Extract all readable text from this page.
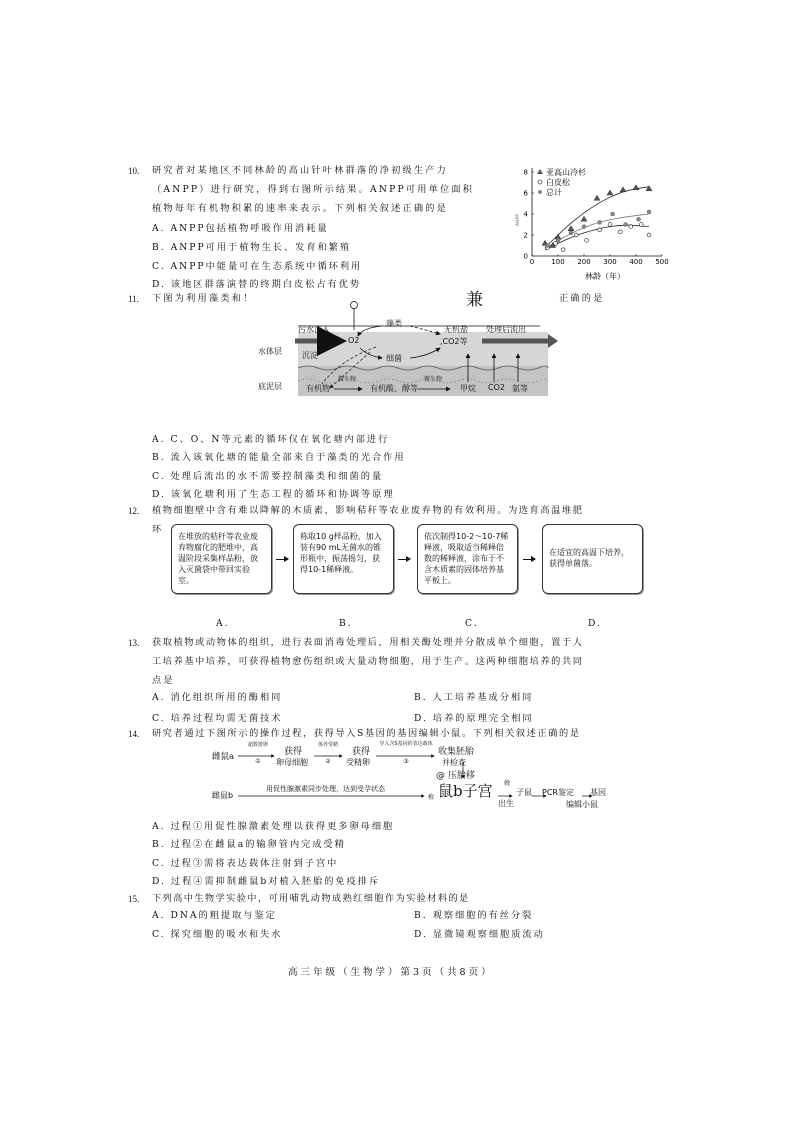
10. 研究者对某地区不同林龄的高山针叶林群落的净初级生产力
（ANPP）进行研究，得到右图所示结果。ANPP可用单位面积
植物每年有机物积累的速率来表示。下列相关叙述正确的是
A. ANPP包括植物呼吸作用消耗量
B. ANPP可用于植物生长、发育和繁殖
C. ANPP中能量可在生态系统中循环利用
D. 该地区群落演替的终期白皮松占有优势
0 100 200 300 400 500
0
2
4
6
8 亚高山冷杉
白皮松
总计
林龄（年）
ANPP
11. 下图为利用藻类和！	兼	正确的是
污水流入
O2
藻类
无机盐
,CO2等
处理后流出
细菌
沉淀
水体层
底泥层	有机物
微生物
有机酸、醇等
微生物
甲烷 CO2 氨等
A. C、O、N等元素的循环仅在氧化塘内部进行
B. 流入该氧化塘的能量全部来自于藻类的光合作用
C. 处理后流出的水不需要控制藻类和细菌的量
D. 该氧化塘利用了生态工程的循环和协调等原理
12. 植物细胞壁中含有难以降解的木质素，影响秸秆等农业废弃物的有效利用。为选育高温堆肥
环
在堆放的秸秆等农业废弃物腐化的肥堆中，高温阶段采集样品粉，放入灭菌袋中带回实验室。
称取10 g样品粉，加入装有90 mL无菌水的锥形瓶中，振荡摇匀，获得10-1稀释液。
依次制得10-2～10-7稀释液，吸取适当稀释倍数的稀释液，涂布于不含木质素的固体培养基平板上。
在适宜的高温下培养，获得单菌落。
A.	B.	C.	D.
13. 获取植物或动物体的组织，进行表面消毒处理后，用相关酶处理并分散成单个细胞，置于人
工培养基中培养，可获得植物愈伤组织或大量动物细胞，用于生产。这两种细胞培养的共同
点是
A. 消化组织所用的酶相同	B. 人工培养基成分相同
C. 培养过程均需无菌技术	D. 培养的原理完全相同
14. 研究者通过下图所示的操作过程，获得导入S基因的基因编辑小鼠。下列相关叙述正确的是
雌鼠a
超数排卵
①
获得
卵母细胞
体外受精
②
获得
受精卵
导入含S基因的表达载体
③
收集胚胎
并检查
@ 压胎移
雌鼠b
用促性腺激素同步处理，达到受孕状态
植 鼠b子宫 娩
出生
子鼠 PCR鉴定 基因
编辑小鼠
A. 过程①用促性腺激素处理以获得更多卵母细胞
B. 过程②在雌鼠a的输卵管内完成受精
C. 过程③需将表达载体注射到子宫中
D. 过程④需抑制雌鼠b对植入胚胎的免疫排斥
15. 下列高中生物学实验中，可用哺乳动物成熟红细胞作为实验材料的是
A. DNA的粗提取与鉴定	B. 观察细胞的有丝分裂
C. 探究细胞的吸水和失水	D. 显微镜观察细胞质流动
高三年级（生物学）第3页（共8页）
